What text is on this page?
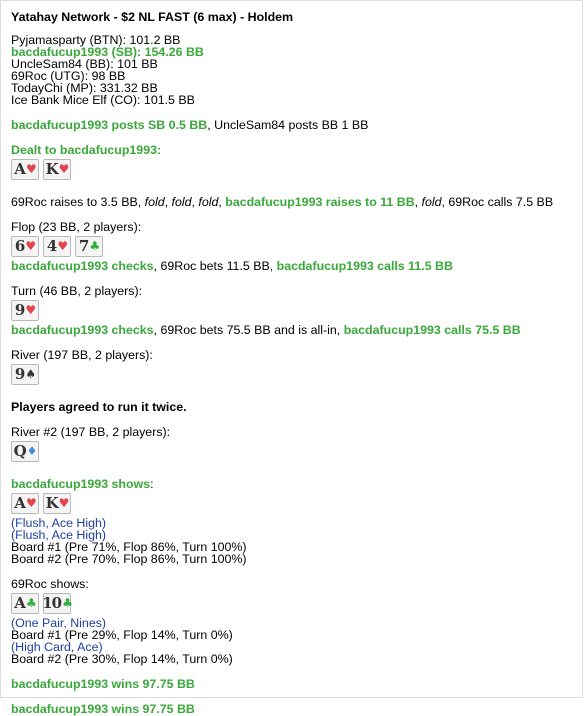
Yatahay Network - $2 NL FAST (6 max) - Holdem
Pyjamasparty (BTN): 101.2 BB
bacdafucup1993 (SB): 154.26 BB
UncleSam84 (BB): 101 BB
69Roc (UTG): 98 BB
TodayChi (MP): 331.32 BB
Ice Bank Mice Elf (CO): 101.5 BB
bacdafucup1993 posts SB 0.5 BB, UncleSam84 posts BB 1 BB
Dealt to bacdafucup1993:
A ♥ K ♥
69Roc raises to 3.5 BB, fold, fold, fold, bacdafucup1993 raises to 11 BB, fold, 69Roc calls 7.5 BB
Flop (23 BB, 2 players):
6 ♥ 4 ♥ 7 ♣
bacdafucup1993 checks, 69Roc bets 11.5 BB, bacdafucup1993 calls 11.5 BB
Turn (46 BB, 2 players):
9 ♥
bacdafucup1993 checks, 69Roc bets 75.5 BB and is all-in, bacdafucup1993 calls 75.5 BB
River (197 BB, 2 players):
9 ♠
Players agreed to run it twice.
River #2 (197 BB, 2 players):
Q ♦
bacdafucup1993 shows:
A ♥ K ♥
(Flush, Ace High)
(Flush, Ace High)
Board #1 (Pre 71%, Flop 86%, Turn 100%)
Board #2 (Pre 70%, Flop 86%, Turn 100%)
69Roc shows:
A ♣ 10 ♣
(One Pair, Nines)
Board #1 (Pre 29%, Flop 14%, Turn 0%)
(High Card, Ace)
Board #2 (Pre 30%, Flop 14%, Turn 0%)
bacdafucup1993 wins 97.75 BB
bacdafucup1993 wins 97.75 BB
